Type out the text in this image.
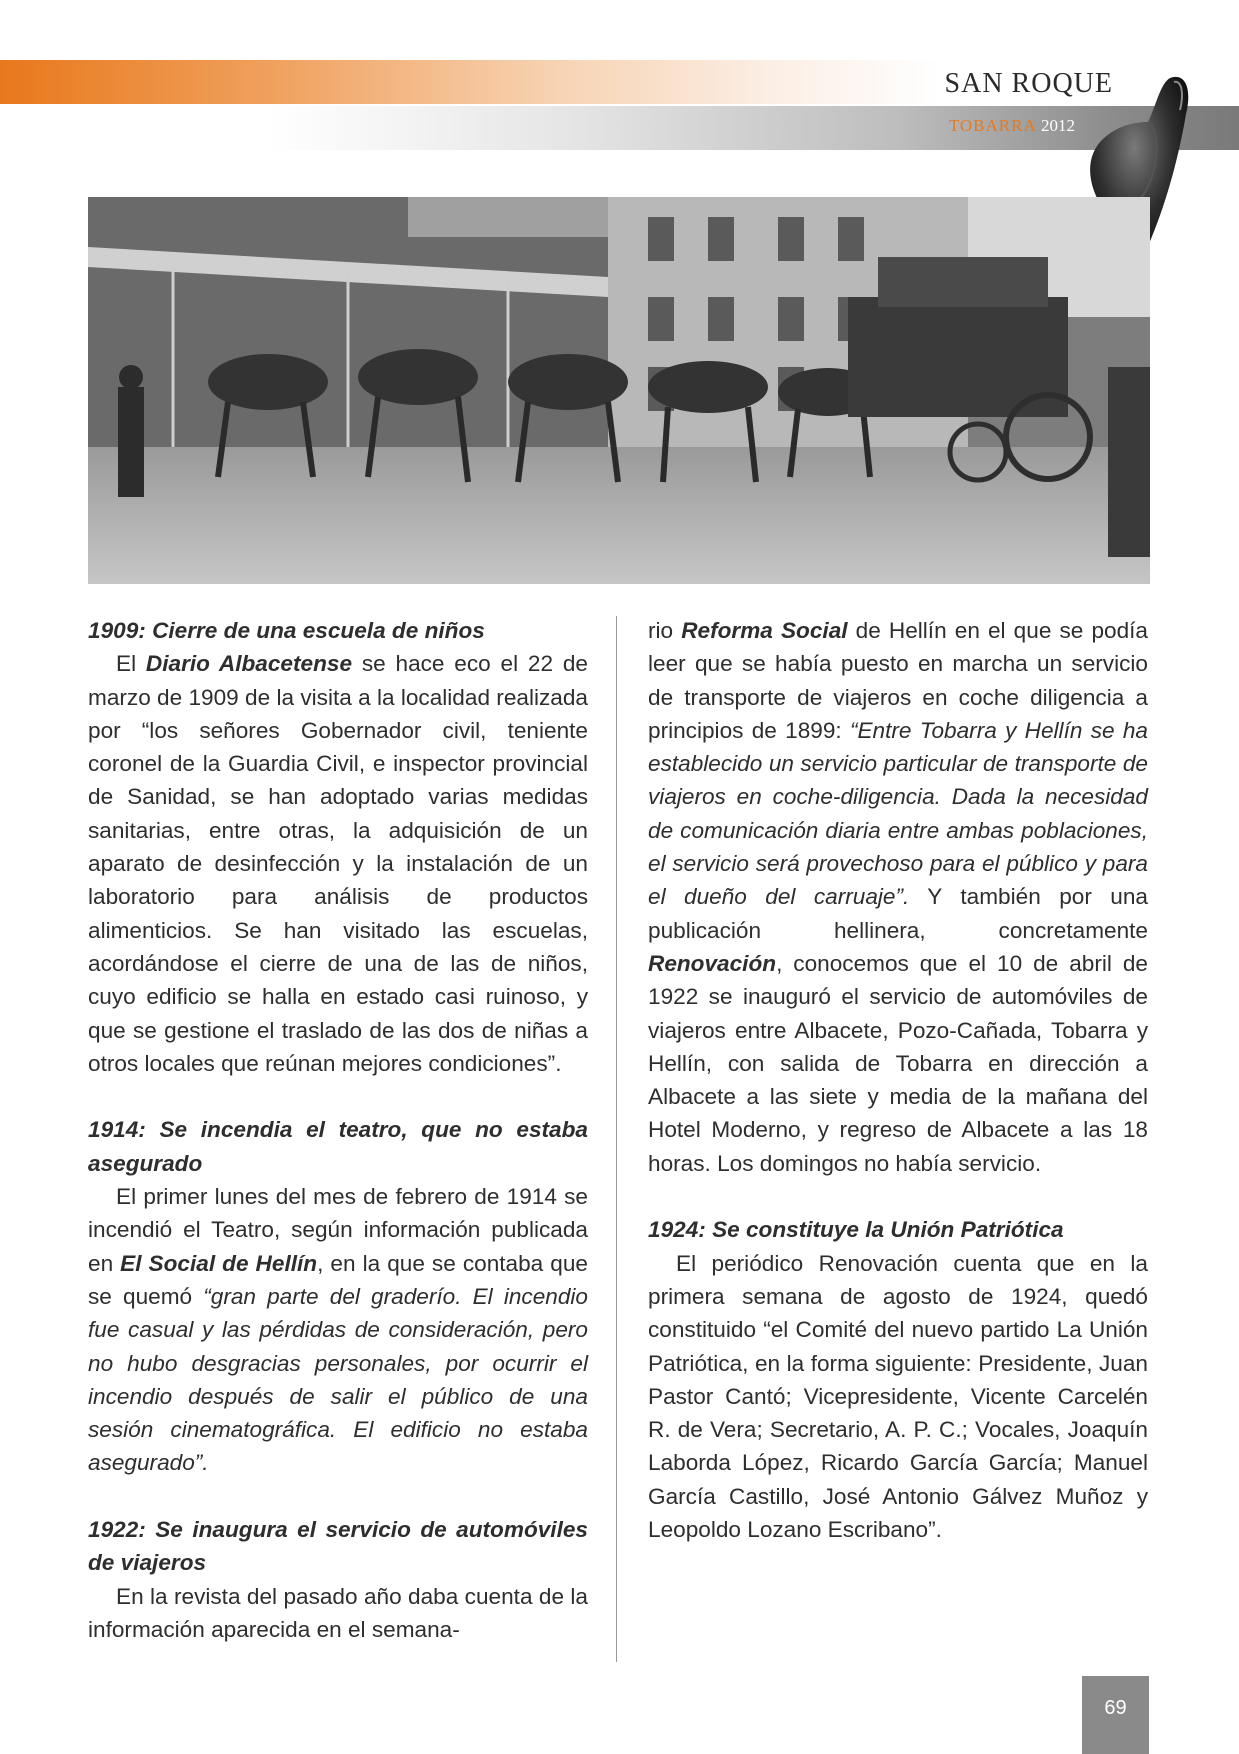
SAN ROQUE
TOBARRA 2012
1909: Cierre de una escuela de niños

El Diario Albacetense se hace eco el 22 de marzo de 1909 de la visita a la localidad realizada por “los señores Gobernador civil, teniente coronel de la Guardia Civil, e inspector provincial de Sanidad, se han adoptado varias medidas sanitarias, entre otras, la adquisición de un aparato de desinfección y la instalación de un laboratorio para análisis de productos alimenticios. Se han visitado las escuelas, acordándose el cierre de una de las de niños, cuyo edificio se halla en estado casi ruinoso, y que se gestione el traslado de las dos de niñas a otros locales que reúnan mejores condiciones”.

1914: Se incendia el teatro, que no estaba asegurado

El primer lunes del mes de febrero de 1914 se incendió el Teatro, según información publicada en El Social de Hellín, en la que se contaba que se quemó “gran parte del graderío. El incendio fue casual y las pérdidas de consideración, pero no hubo desgracias personales, por ocurrir el incendio después de salir el público de una sesión cinematográfica. El edificio no estaba asegurado”.

1922: Se inaugura el servicio de automóviles de viajeros

En la revista del pasado año daba cuenta de la información aparecida en el semana-

rio Reforma Social de Hellín en el que se podía leer que se había puesto en marcha un servicio de transporte de viajeros en coche diligencia a principios de 1899: “Entre Tobarra y Hellín se ha establecido un servicio particular de transporte de viajeros en coche-diligencia. Dada la necesidad de comunicación diaria entre ambas poblaciones, el servicio será provechoso para el público y para el dueño del carruaje”. Y también por una publicación hellinera, concretamente Renovación, conocemos que el 10 de abril de 1922 se inauguró el servicio de automóviles de viajeros entre Albacete, Pozo-Cañada, Tobarra y Hellín, con salida de Tobarra en dirección a Albacete a las siete y media de la mañana del Hotel Moderno, y regreso de Albacete a las 18 horas. Los domingos no había servicio.

1924: Se constituye la Unión Patriótica

El periódico Renovación cuenta que en la primera semana de agosto de 1924, quedó constituido “el Comité del nuevo partido La Unión Patriótica, en la forma siguiente: Presidente, Juan Pastor Cantó; Vicepresidente, Vicente Carcelén R. de Vera; Secretario, A. P. C.; Vocales, Joaquín Laborda López, Ricardo García García; Manuel García Castillo, José Antonio Gálvez Muñoz y Leopoldo Lozano Escribano”.

69
